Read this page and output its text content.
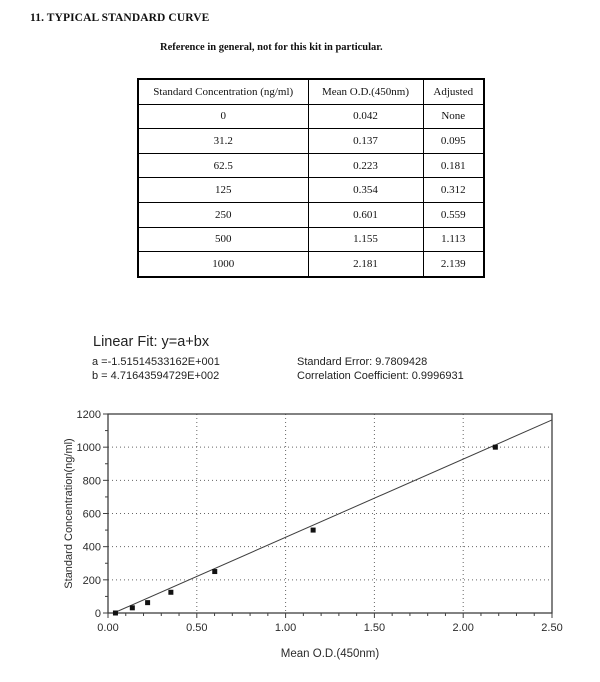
11. TYPICAL STANDARD CURVE
Reference in general, not for this kit in particular.
Standard Concentration (ng/ml)	Mean O.D.(450nm)	Adjusted
0	0.042	None
31.2	0.137	0.095
62.5	0.223	0.181
125	0.354	0.312
250	0.601	0.559
500	1.155	1.113
1000	2.181	2.139
Linear Fit: y=a+bx
a =-1.51514533162E+001
b = 4.71643594729E+002
Standard Error: 9.7809428
Correlation Coefficient: 0.9996931
0.00	0.50	1.00	1.50	2.00	2.50
0
200
400
600
800
1000
1200
Mean O.D.(450nm)
Standard Concentration(ng/ml)
